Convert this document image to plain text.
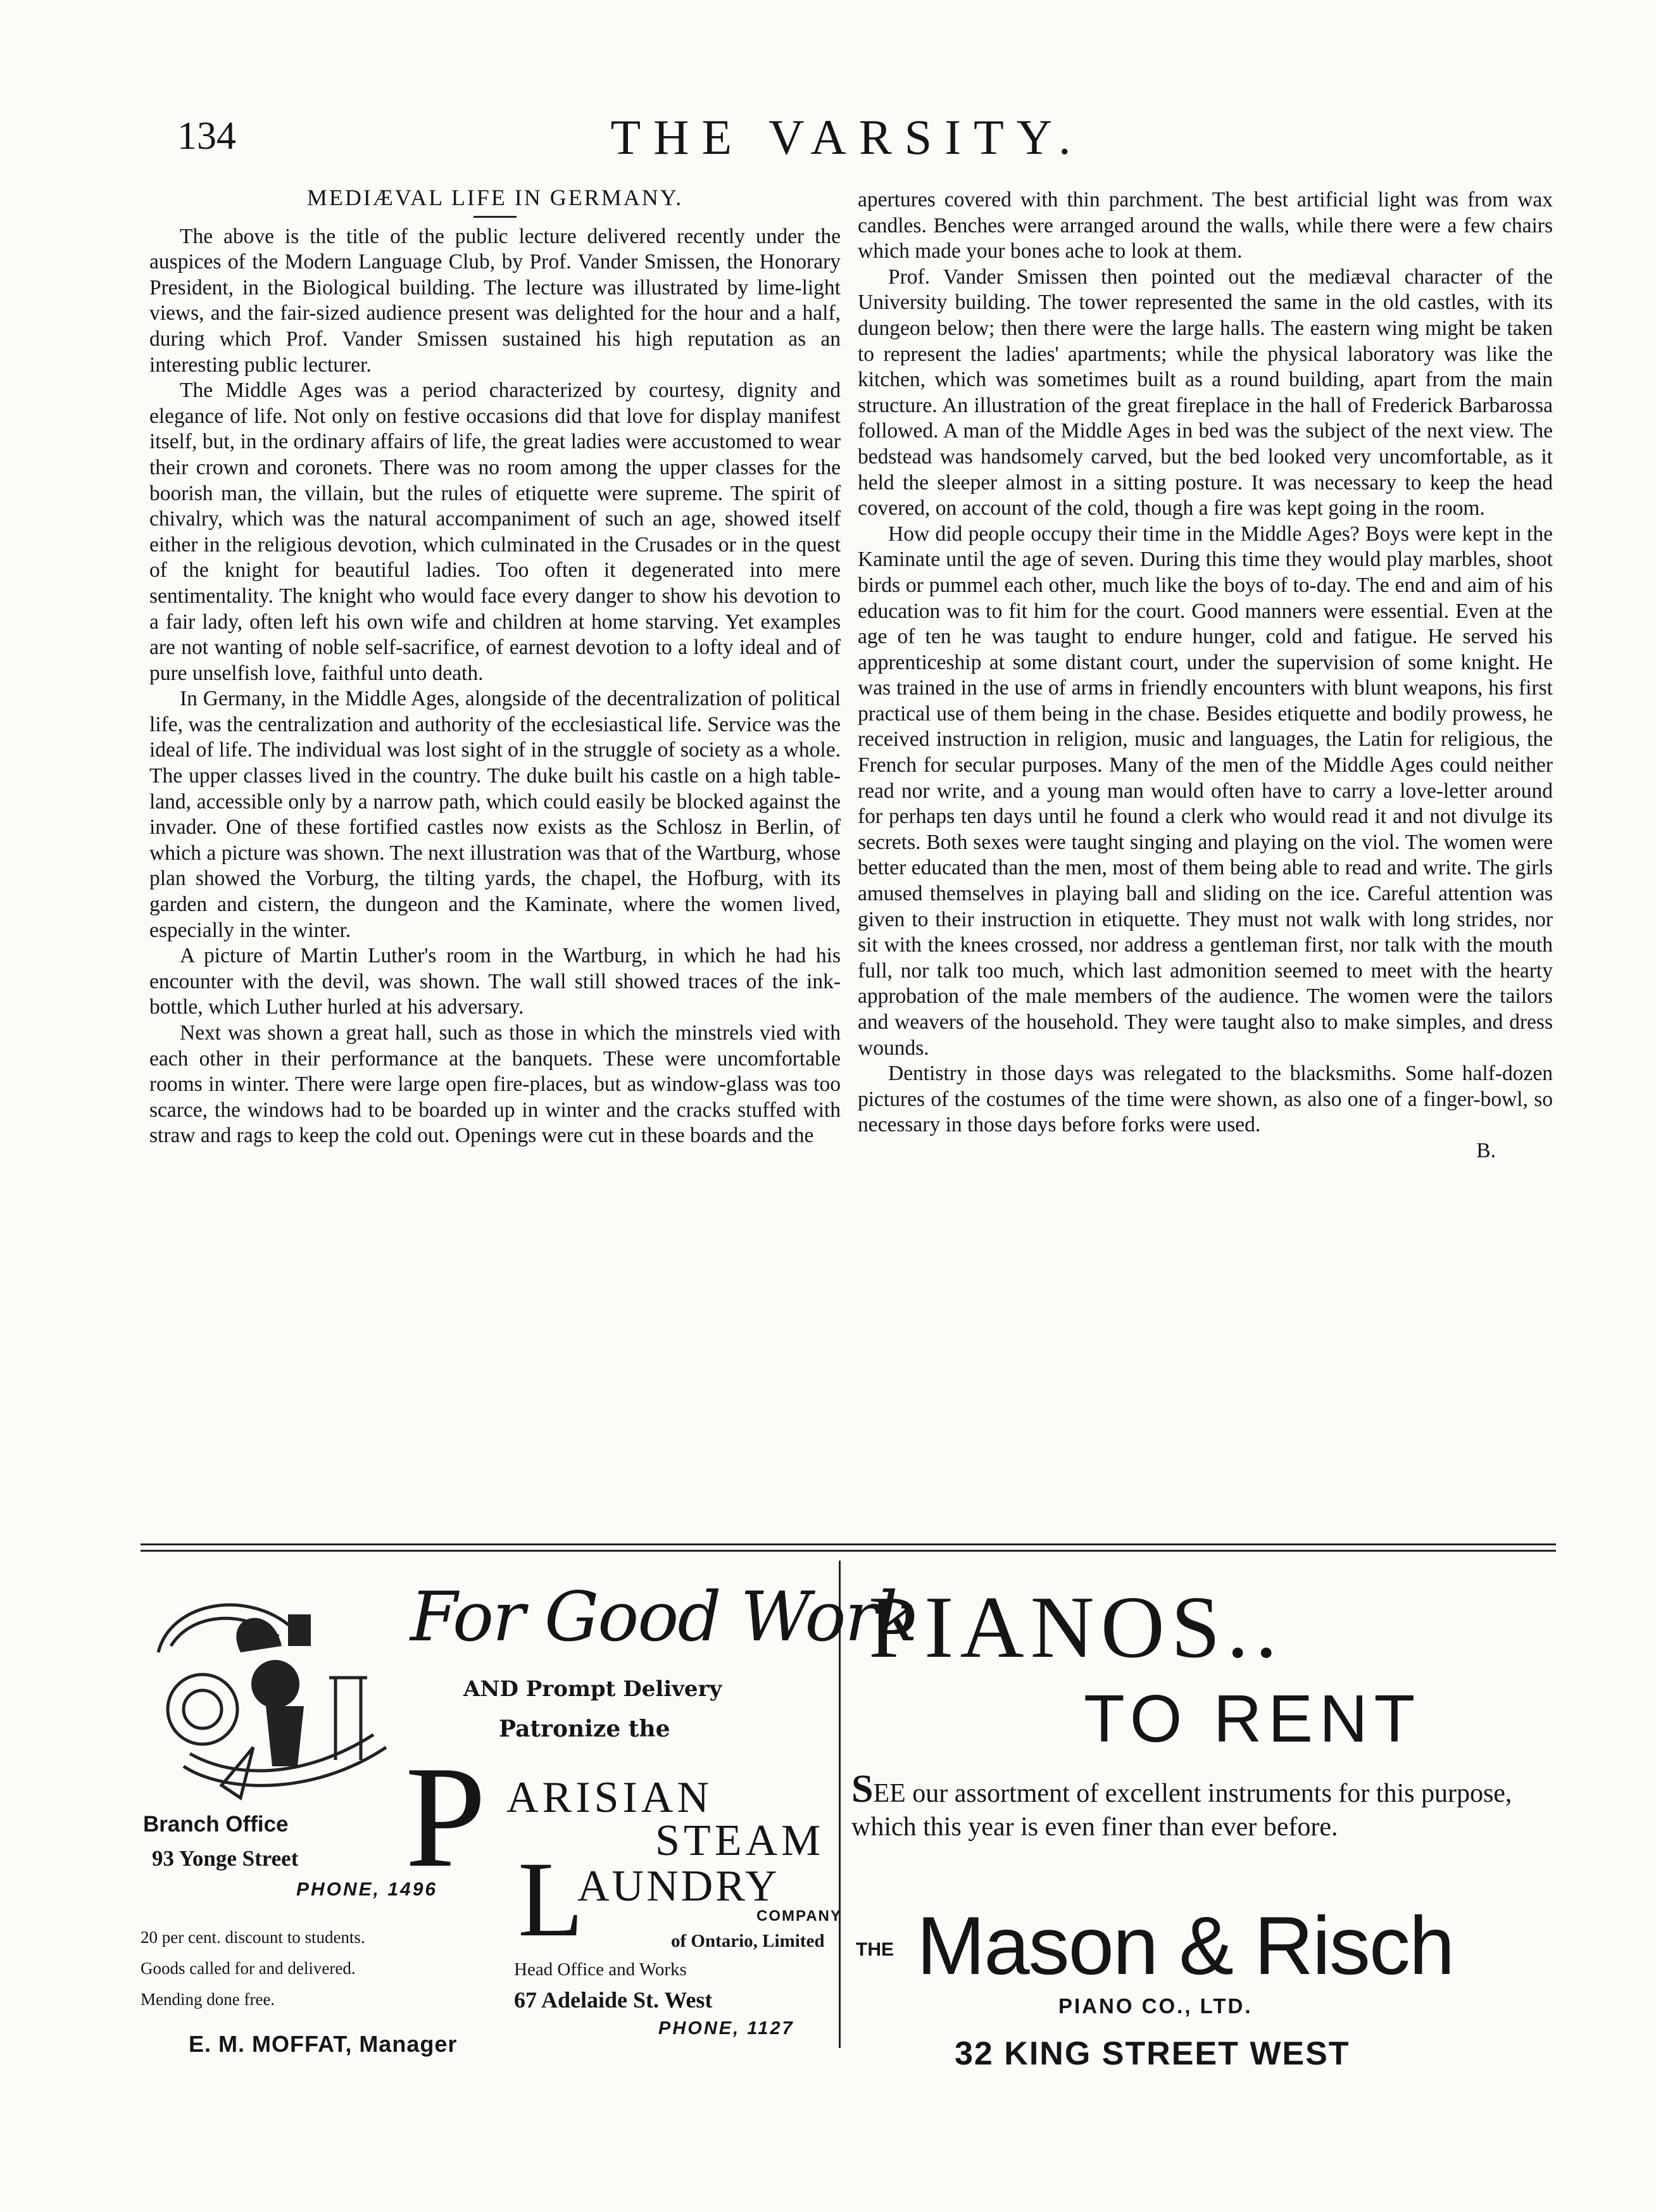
134	THE VARSITY.
MEDIÆVAL LIFE IN GERMANY.

The above is the title of the public lecture delivered recently under the auspices of the Modern Language Club, by Prof. Vander Smissen, the Honorary President, in the Biological building. The lecture was illustrated by lime-light views, and the fair-sized audience present was delighted for the hour and a half, during which Prof. Vander Smissen sustained his high reputation as an interesting public lecturer.

The Middle Ages was a period characterized by courtesy, dignity and elegance of life. Not only on festive occasions did that love for display manifest itself, but, in the ordinary affairs of life, the great ladies were accustomed to wear their crown and coronets. There was no room among the upper classes for the boorish man, the villain, but the rules of etiquette were supreme. The spirit of chivalry, which was the natural accompaniment of such an age, showed itself either in the religious devotion, which culminated in the Crusades or in the quest of the knight for beautiful ladies. Too often it degenerated into mere sentimentality. The knight who would face every danger to show his devotion to a fair lady, often left his own wife and children at home starving. Yet examples are not wanting of noble self-sacrifice, of earnest devotion to a lofty ideal and of pure unselfish love, faithful unto death.

In Germany, in the Middle Ages, alongside of the decentralization of political life, was the centralization and authority of the ecclesiastical life. Service was the ideal of life. The individual was lost sight of in the struggle of society as a whole. The upper classes lived in the country. The duke built his castle on a high table-land, accessible only by a narrow path, which could easily be blocked against the invader. One of these fortified castles now exists as the Schlosz in Berlin, of which a picture was shown. The next illustration was that of the Wartburg, whose plan showed the Vorburg, the tilting yards, the chapel, the Hofburg, with its garden and cistern, the dungeon and the Kaminate, where the women lived, especially in the winter.

A picture of Martin Luther's room in the Wartburg, in which he had his encounter with the devil, was shown. The wall still showed traces of the ink-bottle, which Luther hurled at his adversary.

Next was shown a great hall, such as those in which the minstrels vied with each other in their performance at the banquets. These were uncomfortable rooms in winter. There were large open fire-places, but as window-glass was too scarce, the windows had to be boarded up in winter and the cracks stuffed with straw and rags to keep the cold out. Openings were cut in these boards and the

apertures covered with thin parchment. The best artificial light was from wax candles. Benches were arranged around the walls, while there were a few chairs which made your bones ache to look at them.

Prof. Vander Smissen then pointed out the mediæval character of the University building. The tower represented the same in the old castles, with its dungeon below; then there were the large halls. The eastern wing might be taken to represent the ladies' apartments; while the physical laboratory was like the kitchen, which was sometimes built as a round building, apart from the main structure. An illustration of the great fireplace in the hall of Frederick Barbarossa followed. A man of the Middle Ages in bed was the subject of the next view. The bedstead was handsomely carved, but the bed looked very uncomfortable, as it held the sleeper almost in a sitting posture. It was necessary to keep the head covered, on account of the cold, though a fire was kept going in the room.

How did people occupy their time in the Middle Ages? Boys were kept in the Kaminate until the age of seven. During this time they would play marbles, shoot birds or pummel each other, much like the boys of to-day. The end and aim of his education was to fit him for the court. Good manners were essential. Even at the age of ten he was taught to endure hunger, cold and fatigue. He served his apprenticeship at some distant court, under the supervision of some knight. He was trained in the use of arms in friendly encounters with blunt weapons, his first practical use of them being in the chase. Besides etiquette and bodily prowess, he received instruction in religion, music and languages, the Latin for religious, the French for secular purposes. Many of the men of the Middle Ages could neither read nor write, and a young man would often have to carry a love-letter around for perhaps ten days until he found a clerk who would read it and not divulge its secrets. Both sexes were taught singing and playing on the viol. The women were better educated than the men, most of them being able to read and write. The girls amused themselves in playing ball and sliding on the ice. Careful attention was given to their instruction in etiquette. They must not walk with long strides, nor sit with the knees crossed, nor address a gentleman first, nor talk with the mouth full, nor talk too much, which last admonition seemed to meet with the hearty approbation of the male members of the audience. The women were the tailors and weavers of the household. They were taught also to make simples, and dress wounds.

Dentistry in those days was relegated to the blacksmiths. Some half-dozen pictures of the costumes of the time were shown, as also one of a finger-bowl, so necessary in those days before forks were used.

B.
For Good Work
AND Prompt Delivery
Patronize the
P ARISIAN
STEAM
L
AUNDRY
COMPANY
of Ontario, Limited
Head Office and Works
67 Adelaide St. West
PHONE, 1127
Branch Office
93 Yonge Street
PHONE, 1496
20 per cent. discount to students.
Goods called for and delivered.
Mending done free.
E. M. MOFFAT, Manager
PIANOS..
TO RENT
SEE our assortment of excellent instruments for this purpose, which this year is even finer than ever before.
THE Mason & Risch
PIANO CO., LTD.
32 KING STREET WEST
